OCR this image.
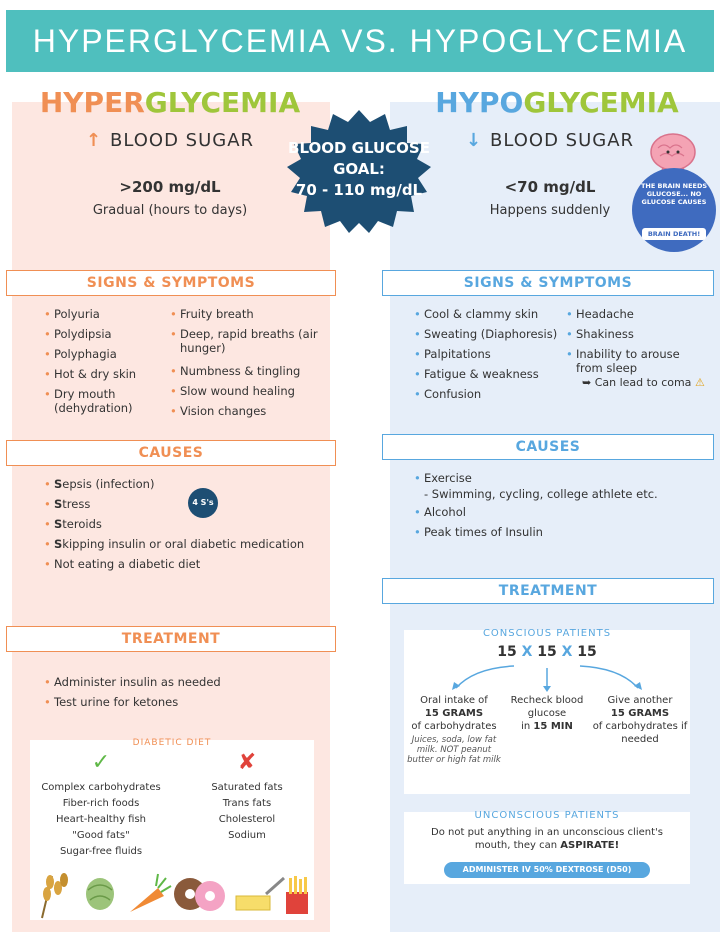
HYPERGLYCEMIA VS. HYPOGLYCEMIA
HYPERGLYCEMIA
↑ BLOOD SUGAR
>200 mg/dL
Gradual (hours to days)
HYPOGLYCEMIA
↓ BLOOD SUGAR
<70 mg/dL
Happens suddenly
BLOOD GLUCOSE
GOAL:
70 - 110 mg/dL	THE BRAIN NEEDS GLUCOSE... NO GLUCOSE CAUSES
BRAIN DEATH!
SIGNS & SYMPTOMS
• Polyuria
• Polydipsia
• Polyphagia
• Hot & dry skin
• Dry mouth (dehydration)
• Fruity breath
• Deep, rapid breaths (air hunger)
• Numbness & tingling
• Slow wound healing
• Vision changes
CAUSES
• Sepsis (infection)
• Stress
• Steroids
• Skipping insulin or oral diabetic medication
• Not eating a diabetic diet
4 S's
TREATMENT
• Administer insulin as needed
• Test urine for ketones
DIABETIC DIET
✓	✘
Complex carbohydrates
Fiber-rich foods
Heart-healthy fish
"Good fats"
Sugar-free fluids
Saturated fats
Trans fats
Cholesterol
Sodium
SIGNS & SYMPTOMS
• Cool & clammy skin
• Sweating (Diaphoresis)
• Palpitations
• Fatigue & weakness
• Confusion
• Headache
• Shakiness
• Inability to arouse from sleep
➥ Can lead to coma ⚠
CAUSES
• Exercise
- Swimming, cycling, college athlete etc.
• Alcohol
• Peak times of Insulin
TREATMENT
CONSCIOUS PATIENTS
15 X 15 X 15
Oral intake of
15 GRAMS
of carbohydrates
Juices, soda, low fat milk. NOT peanut butter or high fat milk
Recheck blood glucose
in 15 MIN
Give another
15 GRAMS
of carbohydrates if needed
UNCONSCIOUS PATIENTS
Do not put anything in an unconscious client's mouth, they can ASPIRATE!
ADMINISTER IV 50% DEXTROSE (D50)
